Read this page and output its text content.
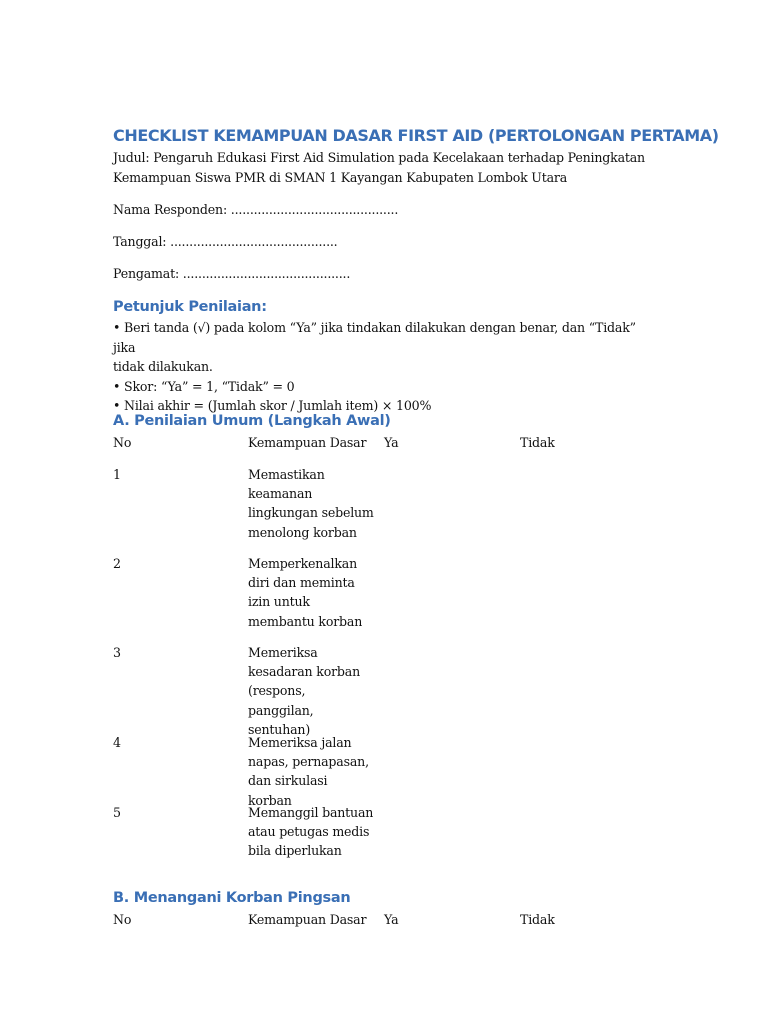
CHECKLIST KEMAMPUAN DASAR FIRST AID (PERTOLONGAN PERTAMA)

Judul: Pengaruh Edukasi First Aid Simulation pada Kecelakaan terhadap Peningkatan

Kemampuan Siswa PMR di SMAN 1 Kayangan Kabupaten Lombok Utara

Nama Responden: ............................................

Tanggal: ............................................

Pengamat: ............................................

Petunjuk Penilaian:

• Beri tanda (√) pada kolom “Ya” jika tindakan dilakukan dengan benar, dan “Tidak” jika

tidak dilakukan.

• Skor: “Ya” = 1, “Tidak” = 0

• Nilai akhir = (Jumlah skor / Jumlah item) × 100%

A. Penilaian Umum (Langkah Awal)
No	Kemampuan Dasar	Ya	Tidak
1	Memastikan
keamanan
lingkungan sebelum
menolong korban
2	Memperkenalkan
diri dan meminta
izin untuk
membantu korban
3	Memeriksa
kesadaran korban
(respons, panggilan,
sentuhan)
4	Memeriksa jalan
napas, pernapasan,
dan sirkulasi korban
5	Memanggil bantuan
atau petugas medis
bila diperlukan
B. Menangani Korban Pingsan
No	Kemampuan Dasar	Ya	Tidak
